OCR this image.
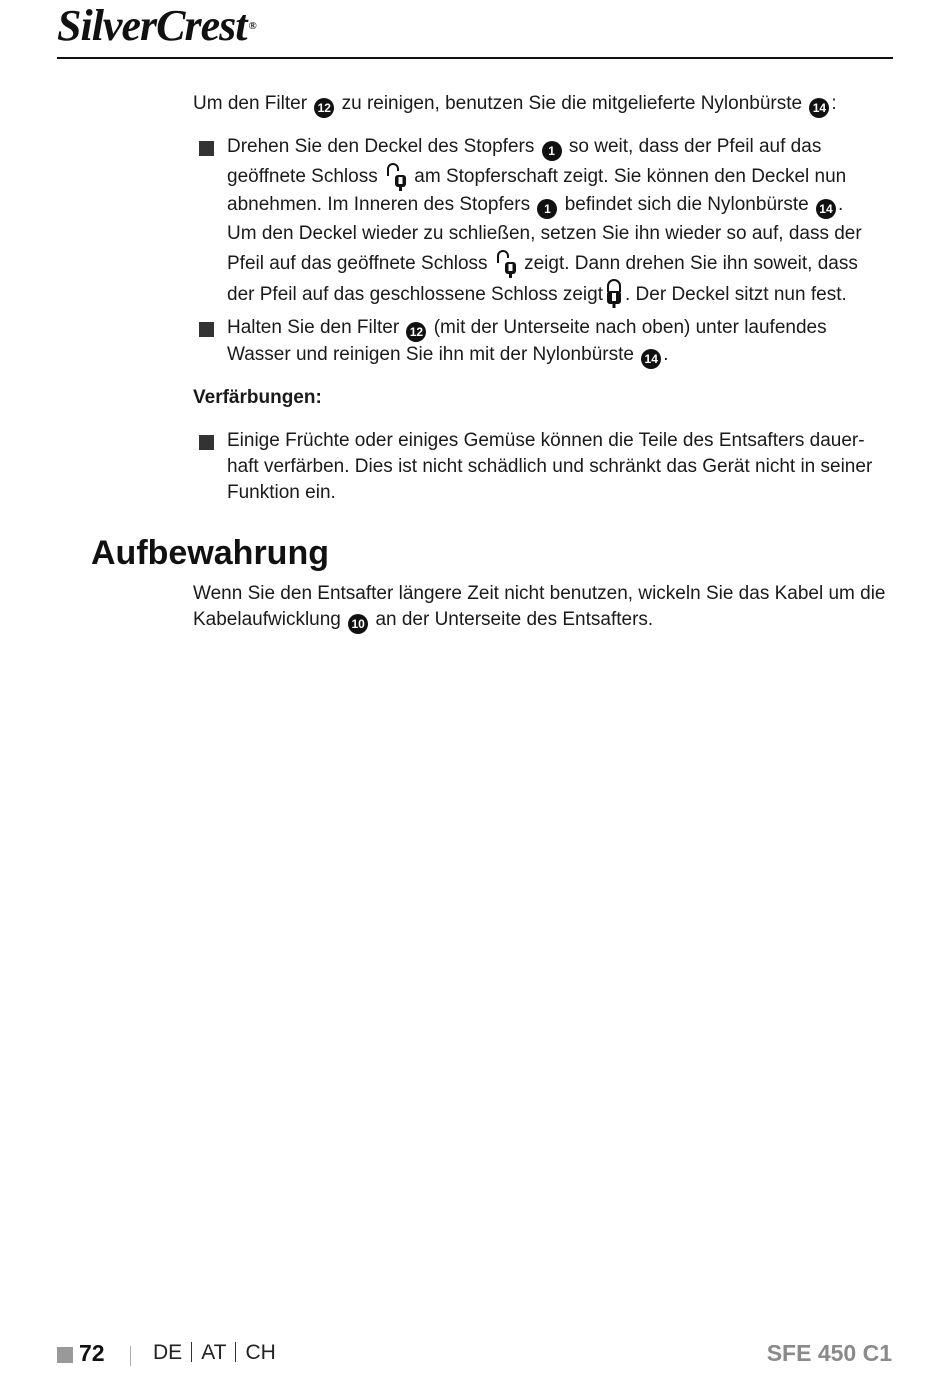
SilverCrest ®
Um den Filter 12 zu reinigen, benutzen Sie die mitgelieferte Nylonbürste 14 :
Drehen Sie den Deckel des Stopfers 1 so weit, dass der Pfeil auf das
geöffnete Schloss am Stopferschaft zeigt. Sie können den Deckel nun
abnehmen. Im Inneren des Stopfers 1 befindet sich die Nylonbürste 14 .
Um den Deckel wieder zu schließen, setzen Sie ihn wieder so auf, dass der
Pfeil auf das geöffnete Schloss zeigt. Dann drehen Sie ihn soweit, dass
der Pfeil auf das geschlossene Schloss zeigt . Der Deckel sitzt nun fest.
Halten Sie den Filter 12 (mit der Unterseite nach oben) unter laufendes
Wasser und reinigen Sie ihn mit der Nylonbürste 14 .
Verfärbungen:
Einige Früchte oder einiges Gemüse können die Teile des Entsafters dauer-
haft verfärben. Dies ist nicht schädlich und schränkt das Gerät nicht in seiner
Funktion ein.
Aufbewahrung
Wenn Sie den Entsafter längere Zeit nicht benutzen, wickeln Sie das Kabel um die
Kabelaufwicklung 10 an der Unterseite des Entsafters.
72 DE AT CH	SFE 450 C1
